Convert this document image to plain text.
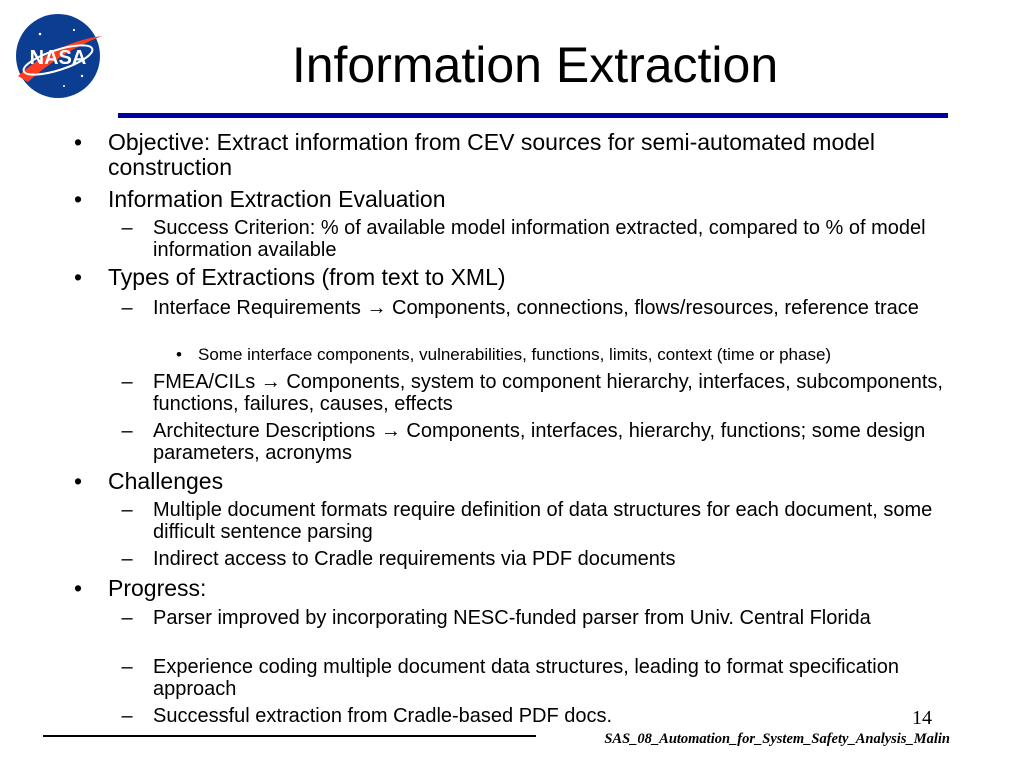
NASA	Information Extraction
• Objective: Extract information from CEV sources for semi-automated model construction
• Information Extraction Evaluation
– Success Criterion: % of available model information extracted, compared to % of model information available
• Types of Extractions (from text to XML)
– Interface Requirements → Components, connections, flows/resources, reference trace
• Some interface components, vulnerabilities, functions, limits, context (time or phase)
– FMEA/CILs → Components, system to component hierarchy, interfaces, subcomponents, functions, failures, causes, effects
– Architecture Descriptions → Components, interfaces, hierarchy, functions; some design parameters, acronyms
• Challenges
– Multiple document formats require definition of data structures for each document, some difficult sentence parsing
– Indirect access to Cradle requirements via PDF documents
• Progress:
– Parser improved by incorporating NESC-funded parser from Univ. Central Florida
– Experience coding multiple document data structures, leading to format specification approach
– Successful extraction from Cradle-based PDF docs.	14
SAS_08_Automation_for_System_Safety_Analysis_Malin
